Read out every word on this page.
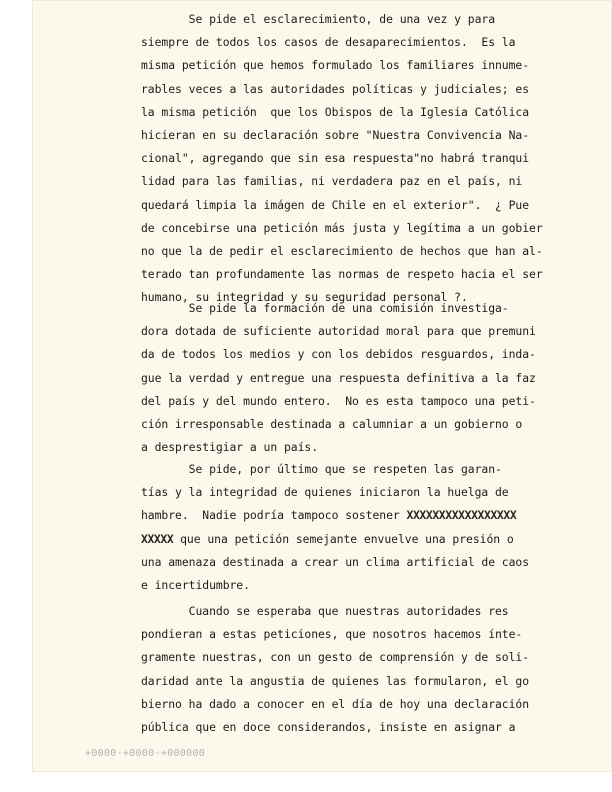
Se pide el esclarecimiento, de una vez y para
siempre de todos los casos de desaparecimientos.  Es la
misma petición que hemos formulado los familiares innume-
rables veces a las autoridades políticas y judiciales; es
la misma petición  que los Obispos de la Iglesia Católica
hicieran en su declaración sobre "Nuestra Convivencia Na-
cional", agregando que sin esa respuesta"no habrá tranqui
lidad para las familias, ni verdadera paz en el país, ni
quedará limpia la imágen de Chile en el exterior".  ¿ Pue
de concebirse una petición más justa y legítima a un gobier
no que la de pedir el esclarecimiento de hechos que han al-
terado tan profundamente las normas de respeto hacia el ser
humano, su integridad y su seguridad personal ?.
Se pide la formación de una comisión investiga-
dora dotada de suficiente autoridad moral para que premuni
da de todos los medios y con los debidos resguardos, inda-
gue la verdad y entregue una respuesta definitiva a la faz
del país y del mundo entero.  No es esta tampoco una peti-
ción irresponsable destinada a calumniar a un gobierno o
a desprestigiar a un país.
Se pide, por último que se respeten las garan-
tías y la integridad de quienes iniciaron la huelga de
hambre.  Nadie podría tampoco sostener XXXXXXXXXXXXXXXXX
XXXXX que una petición semejante envuelve una presión o
una amenaza destinada a crear un clima artificial de caos
e incertidumbre.
Cuando se esperaba que nuestras autoridades res
pondieran a estas peticiones, que nosotros hacemos ínte-
gramente nuestras, con un gesto de comprensión y de soli-
daridad ante la angustia de quienes las formularon, el go
bierno ha dado a conocer en el día de hoy una declaración
pública que en doce considerandos, insiste en asignar a
+0000-+0000-+000000
